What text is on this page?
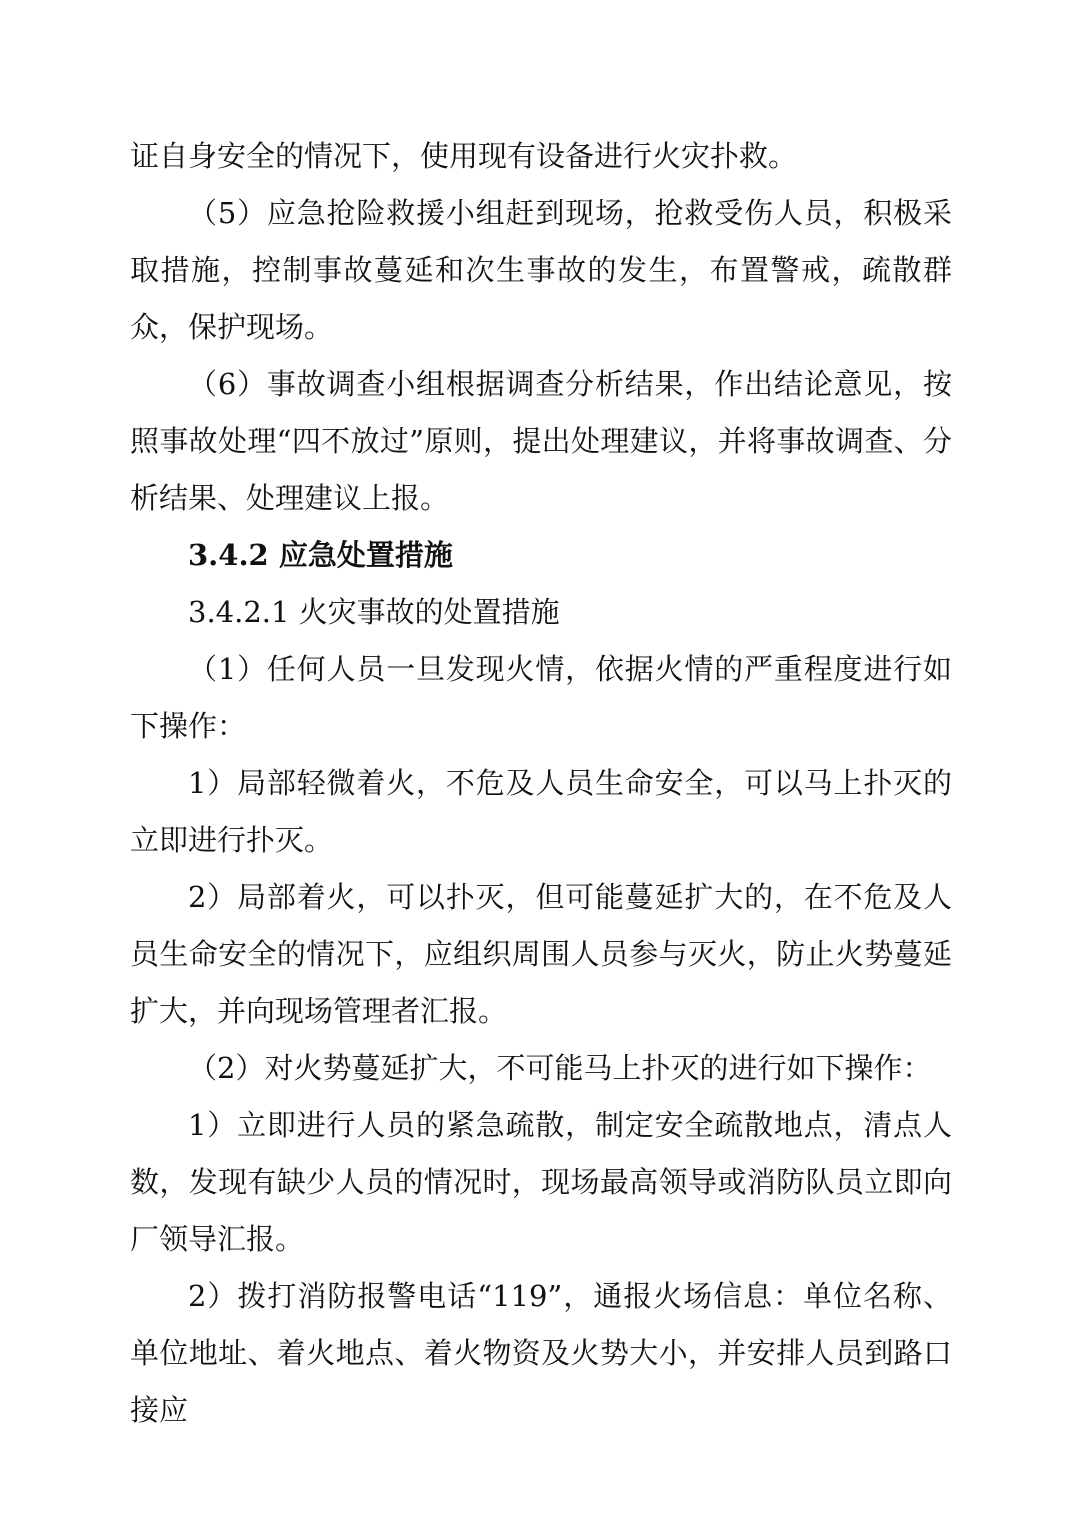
证自身安全的情况下，使用现有设备进行火灾扑救。

（5）应急抢险救援小组赶到现场，抢救受伤人员，积极采取措施，控制事故蔓延和次生事故的发生，布置警戒，疏散群众，保护现场。

（6）事故调查小组根据调查分析结果，作出结论意见，按照事故处理“四不放过”原则，提出处理建议，并将事故调查、分析结果、处理建议上报。

3.4.2 应急处置措施

3.4.2.1 火灾事故的处置措施

（1）任何人员一旦发现火情，依据火情的严重程度进行如下操作：

1）局部轻微着火，不危及人员生命安全，可以马上扑灭的立即进行扑灭。

2）局部着火，可以扑灭，但可能蔓延扩大的，在不危及人员生命安全的情况下，应组织周围人员参与灭火，防止火势蔓延扩大，并向现场管理者汇报。

（2）对火势蔓延扩大，不可能马上扑灭的进行如下操作：

1）立即进行人员的紧急疏散，制定安全疏散地点，清点人数，发现有缺少人员的情况时，现场最高领导或消防队员立即向厂领导汇报。

2）拨打消防报警电话“119”，通报火场信息：单位名称、单位地址、着火地点、着火物资及火势大小，并安排人员到路口接应
